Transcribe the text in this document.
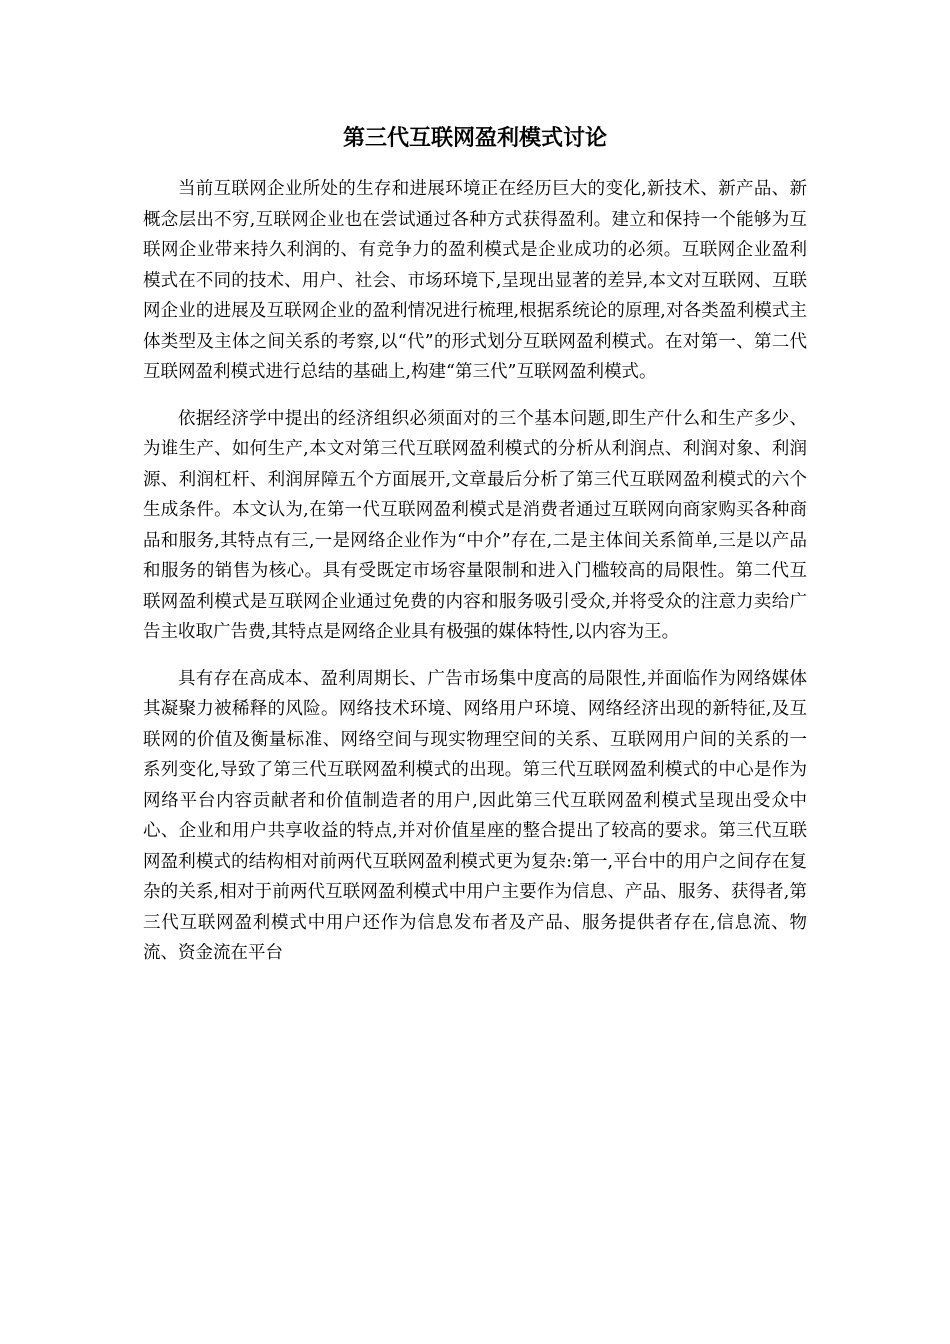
第三代互联网盈利模式讨论

当前互联网企业所处的生存和进展环境正在经历巨大的变化,新技术、新产品、新概念层出不穷,互联网企业也在尝试通过各种方式获得盈利。建立和保持一个能够为互联网企业带来持久利润的、有竞争力的盈利模式是企业成功的必须。互联网企业盈利模式在不同的技术、用户、社会、市场环境下,呈现出显著的差异,本文对互联网、互联网企业的进展及互联网企业的盈利情况进行梳理,根据系统论的原理,对各类盈利模式主体类型及主体之间关系的考察,以“代”的形式划分互联网盈利模式。在对第一、第二代互联网盈利模式进行总结的基础上,构建“第三代”互联网盈利模式。

依据经济学中提出的经济组织必须面对的三个基本问题,即生产什么和生产多少、为谁生产、如何生产,本文对第三代互联网盈利模式的分析从利润点、利润对象、利润源、利润杠杆、利润屏障五个方面展开,文章最后分析了第三代互联网盈利模式的六个生成条件。本文认为,在第一代互联网盈利模式是消费者通过互联网向商家购买各种商品和服务,其特点有三,一是网络企业作为“中介”存在,二是主体间关系简单,三是以产品和服务的销售为核心。具有受既定市场容量限制和进入门槛较高的局限性。第二代互联网盈利模式是互联网企业通过免费的内容和服务吸引受众,并将受众的注意力卖给广告主收取广告费,其特点是网络企业具有极强的媒体特性,以内容为王。

具有存在高成本、盈利周期长、广告市场集中度高的局限性,并面临作为网络媒体其凝聚力被稀释的风险。网络技术环境、网络用户环境、网络经济出现的新特征,及互联网的价值及衡量标准、网络空间与现实物理空间的关系、互联网用户间的关系的一系列变化,导致了第三代互联网盈利模式的出现。第三代互联网盈利模式的中心是作为网络平台内容贡献者和价值制造者的用户,因此第三代互联网盈利模式呈现出受众中心、企业和用户共享收益的特点,并对价值星座的整合提出了较高的要求。第三代互联网盈利模式的结构相对前两代互联网盈利模式更为复杂:第一,平台中的用户之间存在复杂的关系,相对于前两代互联网盈利模式中用户主要作为信息、产品、服务、获得者,第三代互联网盈利模式中用户还作为信息发布者及产品、服务提供者存在,信息流、物流、资金流在平台
